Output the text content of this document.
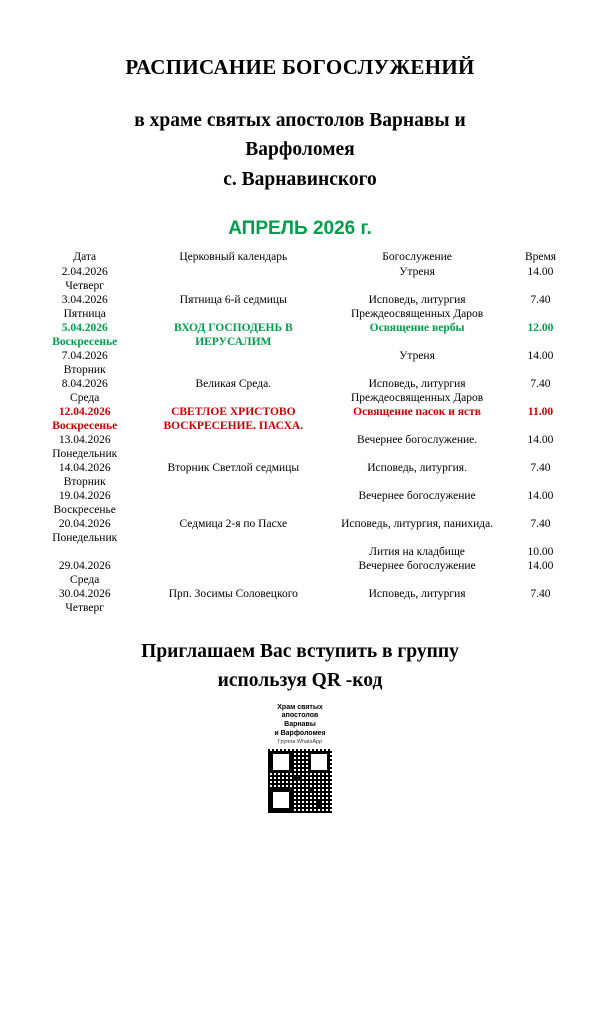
РАСПИСАНИЕ БОГОСЛУЖЕНИЙ
в храме святых апостолов Варнавы и
Варфоломея
с. Варнавинского
АПРЕЛЬ 2026 г.
Дата	Церковный календарь	Богослужение	Время

2.04.2026
Четверг		Утреня	14.00

3.04.2026
Пятница	Пятница 6-й седмицы	Исповедь, литургия Преждеосвященных Даров	7.40

5.04.2026
Воскресенье	ВХОД ГОСПОДЕНЬ В ИЕРУСАЛИМ	Освящение вербы	12.00

7.04.2026
Вторник		Утреня	14.00

8.04.2026
Среда	Великая Среда.	Исповедь, литургия Преждеосвященных Даров	7.40

12.04.2026
Воскресенье	СВЕТЛОЕ ХРИСТОВО ВОСКРЕСЕНИЕ. ПАСХА.	Освящение пасок и яств	11.00

13.04.2026
Понедельник		Вечернее богослужение.	14.00

14.04.2026
Вторник	Вторник Светлой седмицы	Исповедь, литургия.	7.40

19.04.2026
Воскресенье		Вечернее богослужение	14.00

20.04.2026
Понедельник	Седмица 2-я по Пасхе	Исповедь, литургия, панихида.	7.40

		Лития на кладбище	10.00

29.04.2026
Среда		Вечернее богослужение	14.00

30.04.2026
Четверг	Прп. Зосимы Соловецкого	Исповедь, литургия	7.40
Приглашаем Вас вступить в группу
используя QR -код
Храм святых
апостолов
Варнавы
и Варфоломея
Группа WhatsApp
